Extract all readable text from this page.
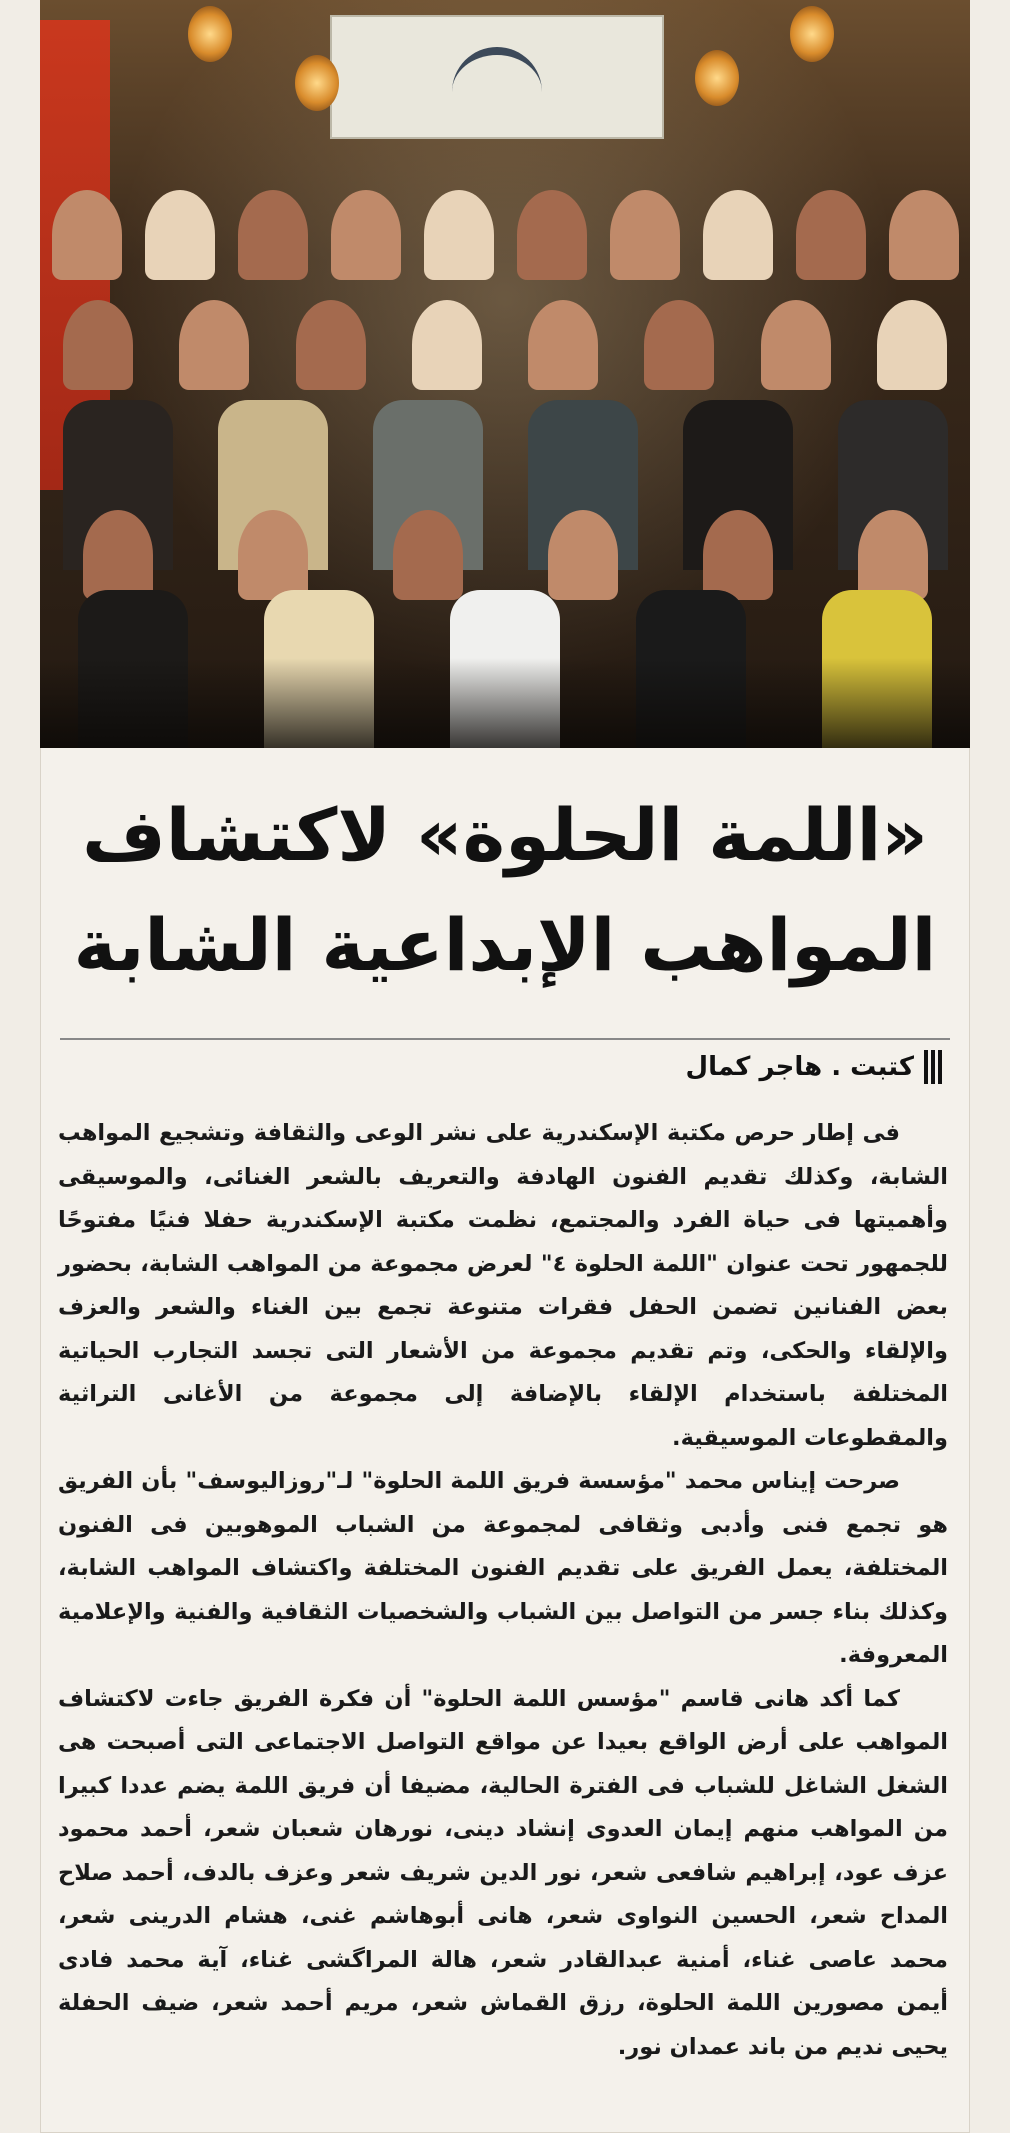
«اللمة الحلوة» لاكتشاف
المواهب الإبداعية الشابة
كتبت . هاجر كمال

فى إطار حرص مكتبة الإسكندرية على نشر الوعى والثقافة وتشجيع المواهب الشابة، وكذلك تقديم الفنون الهادفة والتعريف بالشعر الغنائى، والموسيقى وأهميتها فى حياة الفرد والمجتمع، نظمت مكتبة الإسكندرية حفلا فنيًا مفتوحًا للجمهور تحت عنوان "اللمة الحلوة ٤" لعرض مجموعة من المواهب الشابة، بحضور بعض الفنانين تضمن الحفل فقرات متنوعة تجمع بين الغناء والشعر والعزف والإلقاء والحكى، وتم تقديم مجموعة من الأشعار التى تجسد التجارب الحياتية المختلفة باستخدام الإلقاء بالإضافة إلى مجموعة من الأغانى التراثية والمقطوعات الموسيقية.

صرحت إيناس محمد "مؤسسة فريق اللمة الحلوة" لـ"روزاليوسف" بأن الفريق هو تجمع فنى وأدبى وثقافى لمجموعة من الشباب الموهوبين فى الفنون المختلفة، يعمل الفريق على تقديم الفنون المختلفة واكتشاف المواهب الشابة، وكذلك بناء جسر من التواصل بين الشباب والشخصيات الثقافية والفنية والإعلامية المعروفة.

كما أكد هانى قاسم "مؤسس اللمة الحلوة" أن فكرة الفريق جاءت لاكتشاف المواهب على أرض الواقع بعيدا عن مواقع التواصل الاجتماعى التى أصبحت هى الشغل الشاغل للشباب فى الفترة الحالية، مضيفا أن فريق اللمة يضم عددا كبيرا من المواهب منهم إيمان العدوى إنشاد دينى، نورهان شعبان شعر، أحمد محمود عزف عود، إبراهيم شافعى شعر، نور الدين شريف شعر وعزف بالدف، أحمد صلاح المداح شعر، الحسين النواوى شعر، هانى أبوهاشم غنى، هشام الدرينى شعر، محمد عاصى غناء، أمنية عبدالقادر شعر، هالة المراگشى غناء، آية محمد فادى أيمن مصورين اللمة الحلوة، رزق القماش شعر، مريم أحمد شعر، ضيف الحفلة يحيى نديم من باند عمدان نور.
